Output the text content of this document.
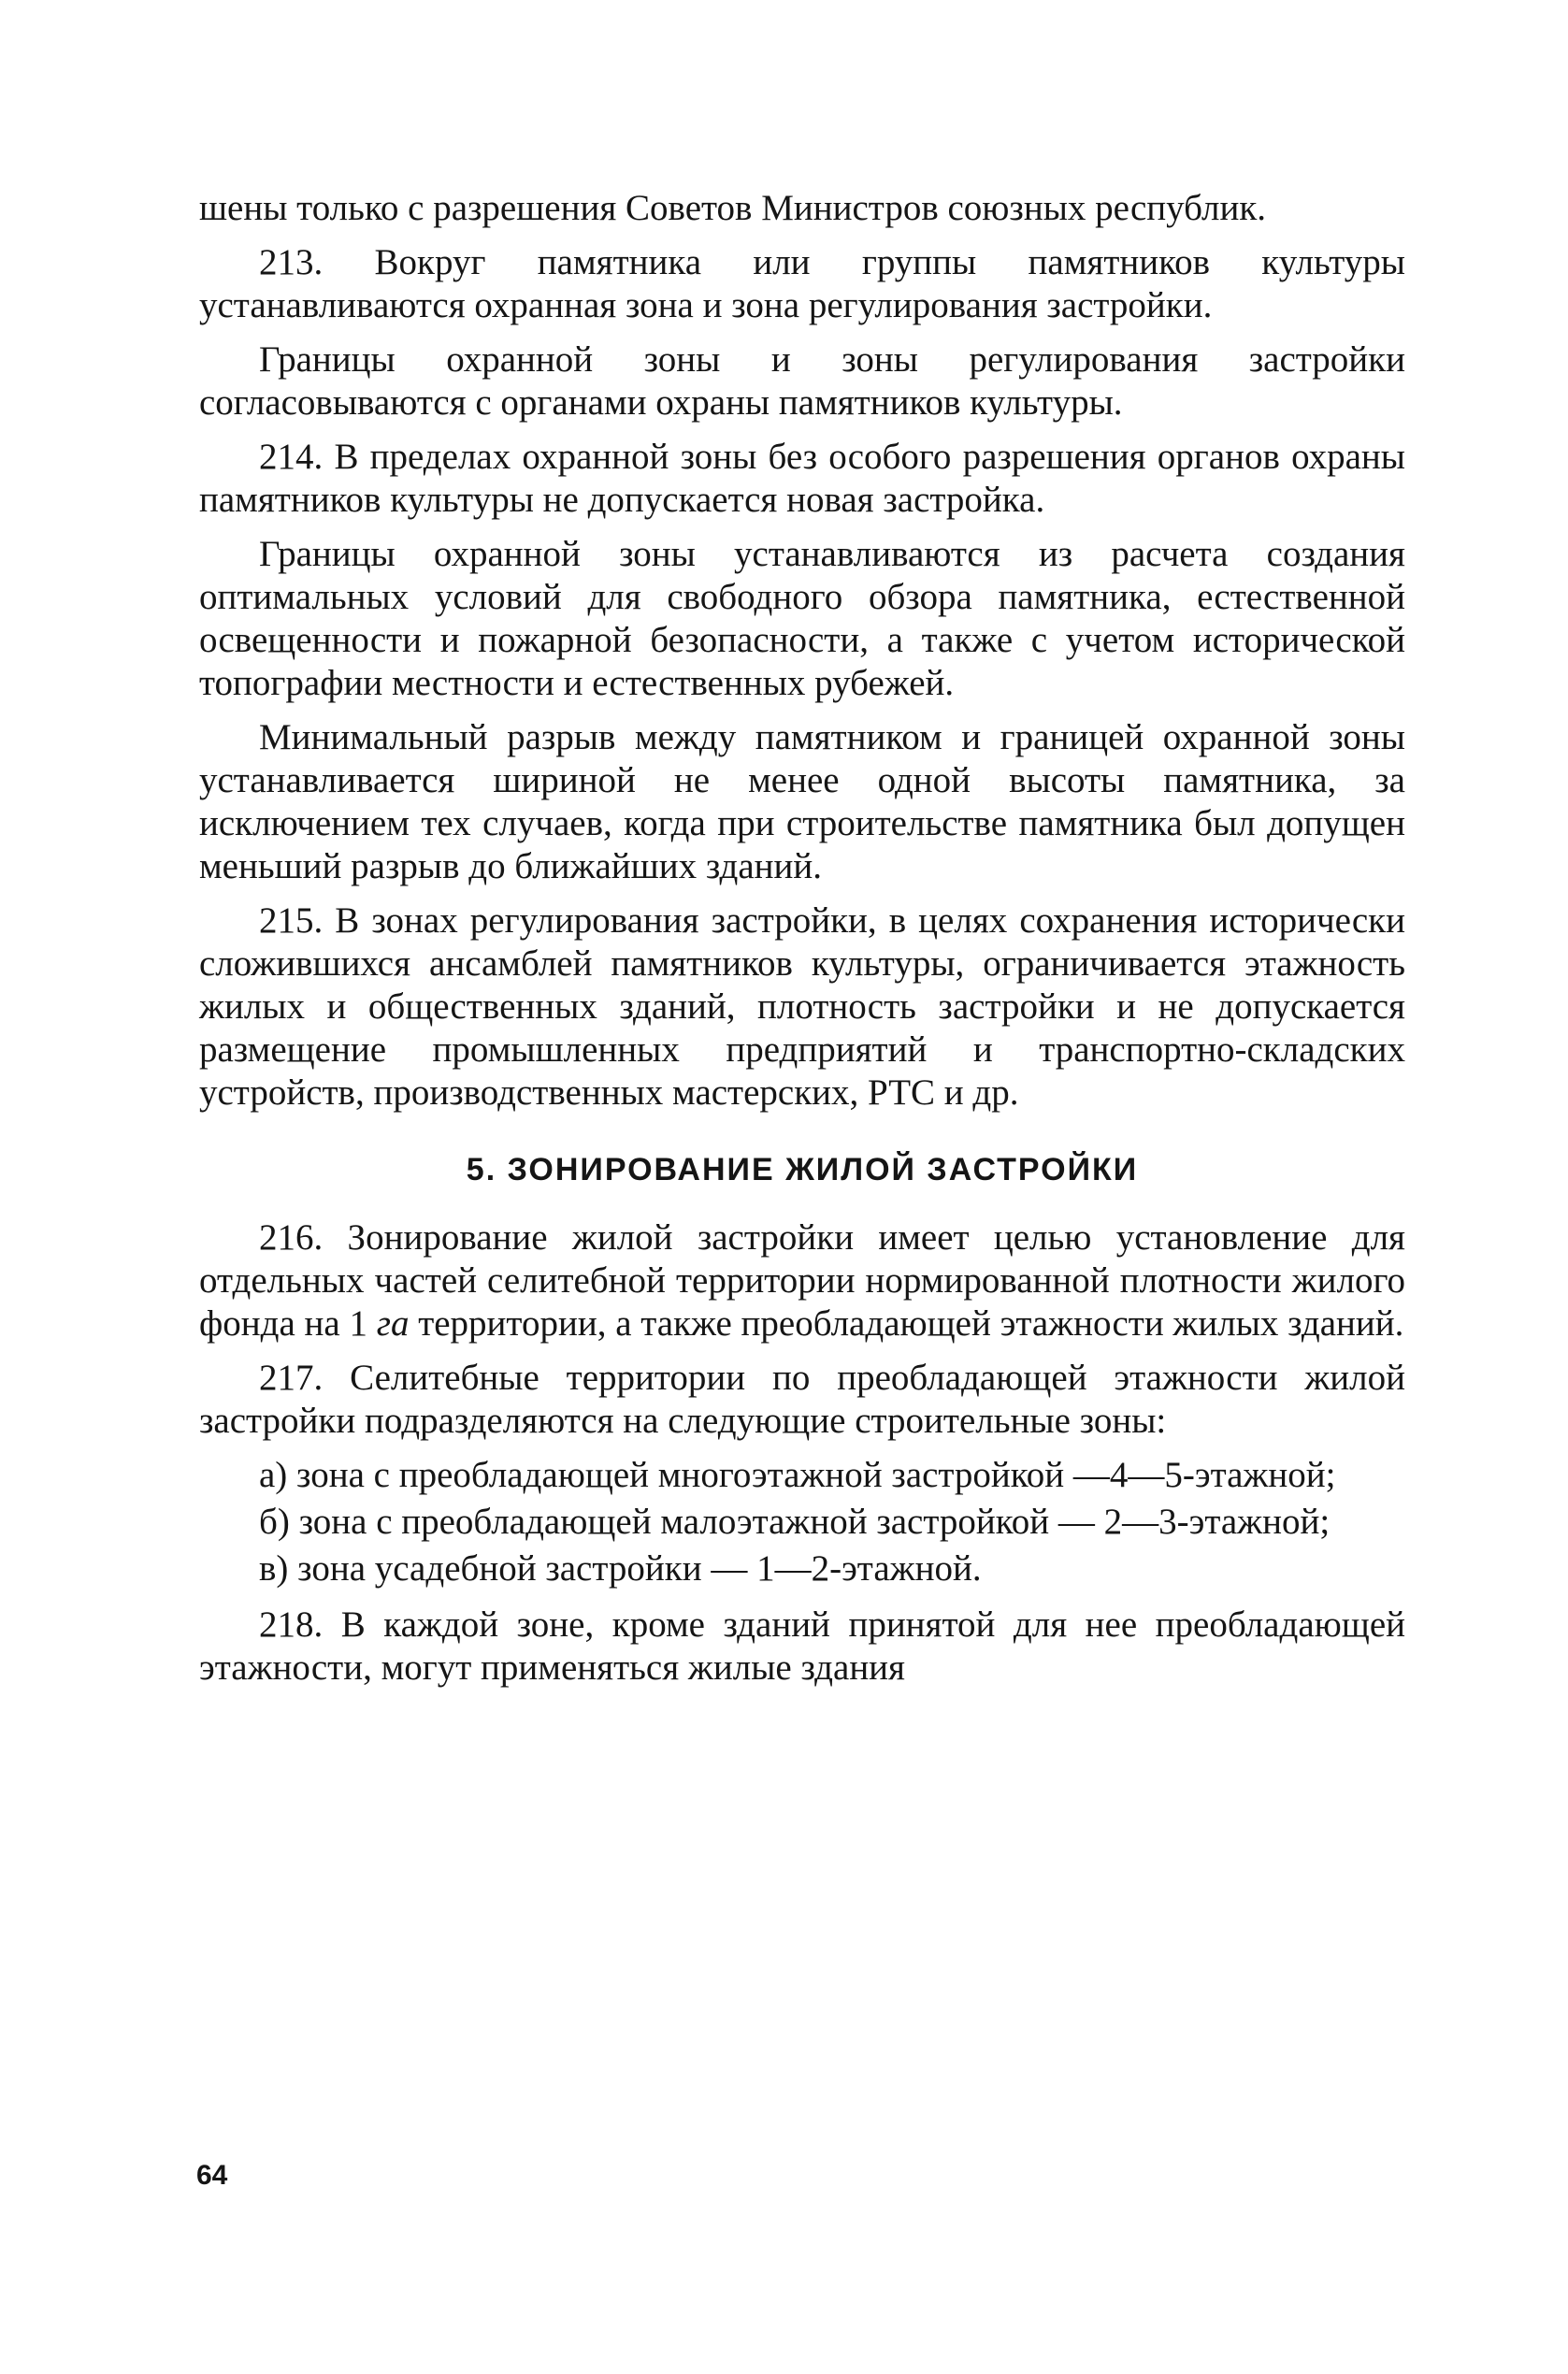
шены только с разрешения Советов Министров союзных республик.

213. Вокруг памятника или группы памятников культуры устанавливаются охранная зона и зона регулирования застройки.

Границы охранной зоны и зоны регулирования застройки согласовываются с органами охраны памятников культуры.

214. В пределах охранной зоны без особого разрешения органов охраны памятников культуры не допускается новая застройка.

Границы охранной зоны устанавливаются из расчета создания оптимальных условий для свободного обзора памятника, естественной освещенности и пожарной безопасности, а также с учетом исторической топографии местности и естественных рубежей.

Минимальный разрыв между памятником и границей охранной зоны устанавливается шириной не менее одной высоты памятника, за исключением тех случаев, когда при строительстве памятника был допущен меньший разрыв до ближайших зданий.

215. В зонах регулирования застройки, в целях сохранения исторически сложившихся ансамблей памятников культуры, ограничивается этажность жилых и общественных зданий, плотность застройки и не допускается размещение промышленных предприятий и транспортно-складских устройств, производственных мастерских, РТС и др.

5. ЗОНИРОВАНИЕ ЖИЛОЙ ЗАСТРОЙКИ

216. Зонирование жилой застройки имеет целью установление для отдельных частей селитебной территории нормированной плотности жилого фонда на 1 га территории, а также преобладающей этажности жилых зданий.

217. Селитебные территории по преобладающей этажности жилой застройки подразделяются на следующие строительные зоны:

а) зона с преобладающей многоэтажной застройкой —4—5-этажной;

б) зона с преобладающей малоэтажной застройкой — 2—3-этажной;

в) зона усадебной застройки — 1—2-этажной.

218. В каждой зоне, кроме зданий принятой для нее преобладающей этажности, могут применяться жилые здания

64
